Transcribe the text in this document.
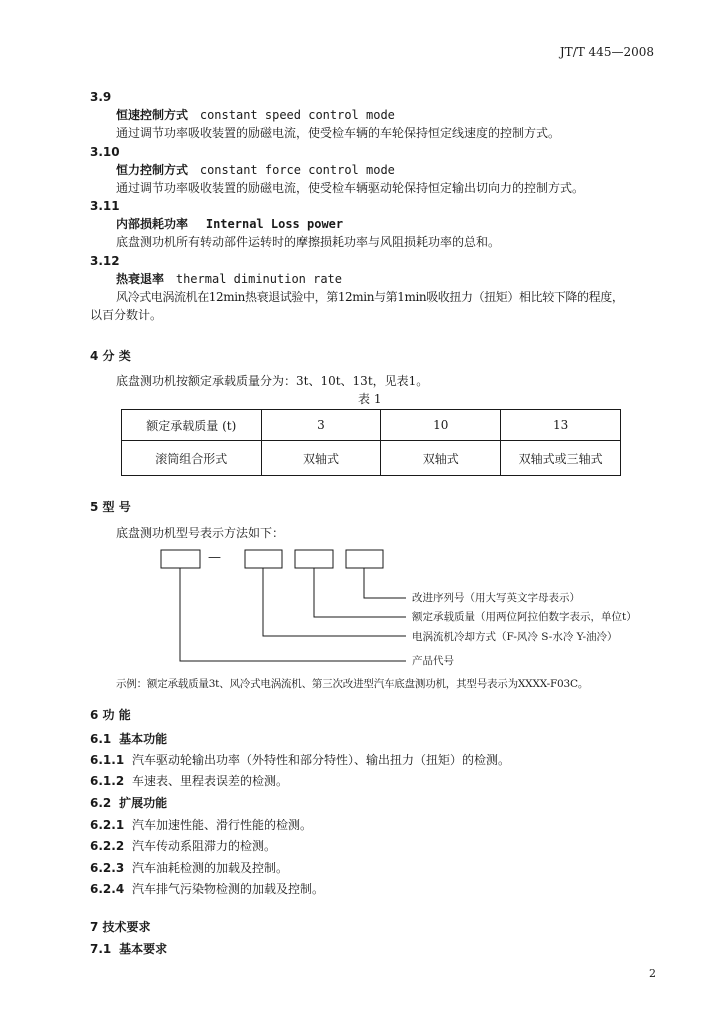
JT/T 445—2008
3.9
恒速控制方式 constant speed control mode
通过调节功率吸收装置的励磁电流，使受检车辆的车轮保持恒定线速度的控制方式。
3.10
恒力控制方式 constant force control mode
通过调节功率吸收装置的励磁电流，使受检车辆驱动轮保持恒定输出切向力的控制方式。
3.11
内部损耗功率 Internal Loss power
底盘测功机所有转动部件运转时的摩擦损耗功率与风阻损耗功率的总和。
3.12
热衰退率 thermal diminution rate
风冷式电涡流机在12min热衰退试验中，第12min与第1min吸收扭力（扭矩）相比较下降的程度，
以百分数计。
4 分 类
底盘测功机按额定承载质量分为：3t、10t、13t，见表1。
表 1
额定承载质量 (t)	3	10	13
滚筒组合形式	双轴式	双轴式	双轴式或三轴式
5 型 号
底盘测功机型号表示方法如下：
—
改进序列号（用大写英文字母表示）
额定承载质量（用两位阿拉伯数字表示，单位t）
电涡流机冷却方式（F-风冷 S-水冷 Y-油冷）
产品代号
示例：额定承载质量3t、风冷式电涡流机、第三次改进型汽车底盘测功机，其型号表示为XXXX-F03C。
6 功 能
6.1 基本功能
6.1.1 汽车驱动轮输出功率（外特性和部分特性）、输出扭力（扭矩）的检测。
6.1.2 车速表、里程表误差的检测。
6.2 扩展功能
6.2.1 汽车加速性能、滑行性能的检测。
6.2.2 汽车传动系阻滞力的检测。
6.2.3 汽车油耗检测的加载及控制。
6.2.4 汽车排气污染物检测的加载及控制。
7 技术要求
7.1 基本要求
2
